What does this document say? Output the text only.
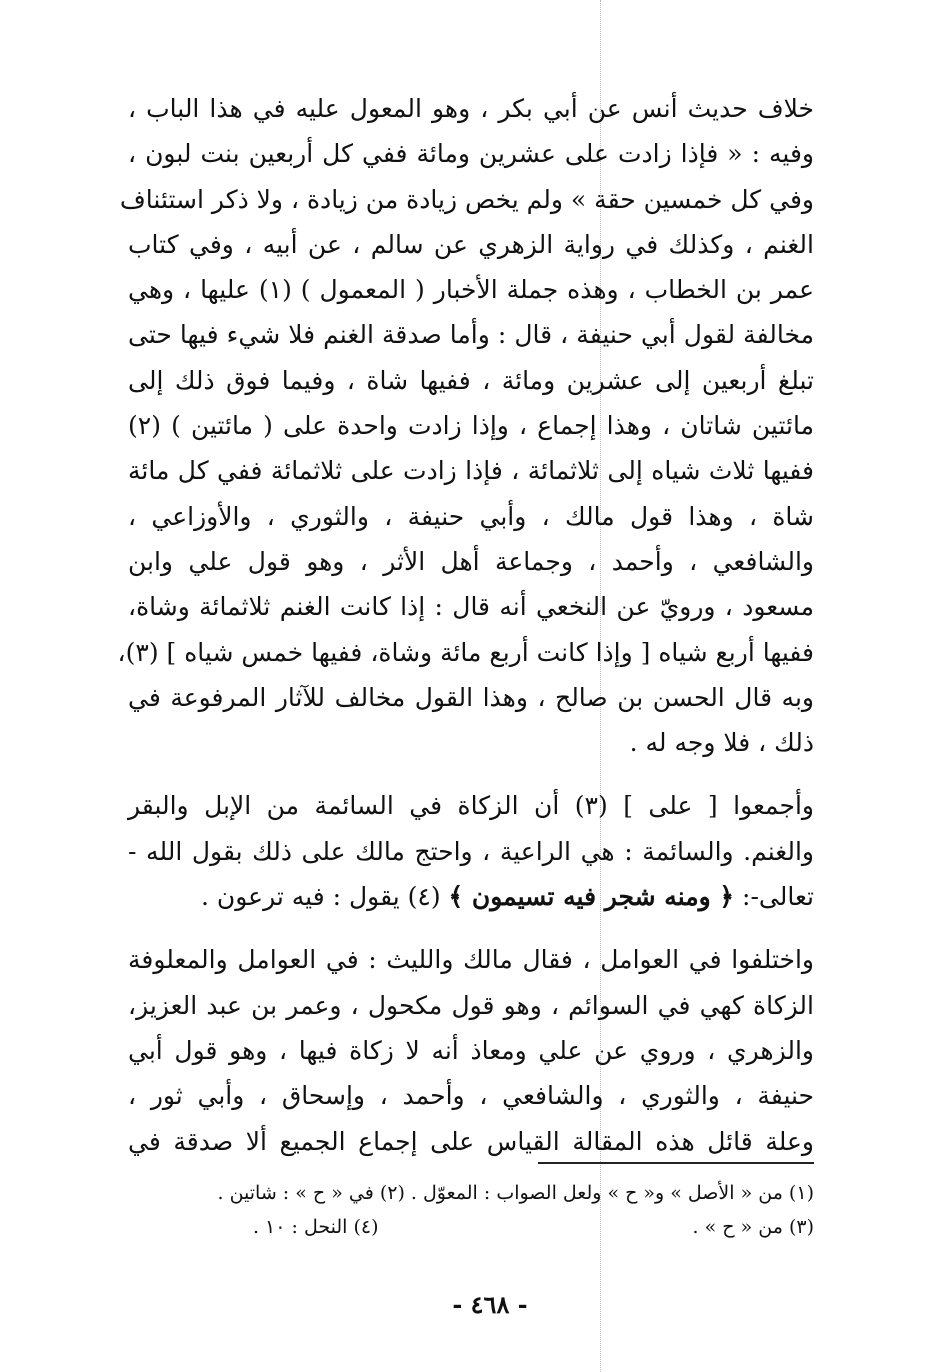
خلاف حديث أنس عن أبي بكر ، وهو المعول عليه في هذا الباب ،
وفيه : « فإذا زادت على عشرين ومائة ففي كل أربعين بنت لبون ،
وفي كل خمسين حقة » ولم يخص زيادة من زيادة ، ولا ذكر استئناف
الغنم ، وكذلك في رواية الزهري عن سالم ، عن أبيه ، وفي كتاب
عمر بن الخطاب ، وهذه جملة الأخبار ( المعمول ) (١) عليها ، وهي
مخالفة لقول أبي حنيفة ، قال : وأما صدقة الغنم فلا شيء فيها حتى
تبلغ أربعين إلى عشرين ومائة ، ففيها شاة ، وفيما فوق ذلك إلى
مائتين شاتان ، وهذا إجماع ، وإذا زادت واحدة على ( مائتين ) (٢)
ففيها ثلاث شياه إلى ثلاثمائة ، فإذا زادت على ثلاثمائة ففي كل مائة
شاة ، وهذا قول مالك ، وأبي حنيفة ، والثوري ، والأوزاعي ،
والشافعي ، وأحمد ، وجماعة أهل الأثر ، وهو قول علي وابن
مسعود ، ورويّ عن النخعي أنه قال : إذا كانت الغنم ثلاثمائة وشاة،
ففيها أربع شياه [ وإذا كانت أربع مائة وشاة، ففيها خمس شياه ] (٣)،
وبه قال الحسن بن صالح ، وهذا القول مخالف للآثار المرفوعة في
ذلك ، فلا وجه له .
وأجمعوا [ على ] (٣) أن الزكاة في السائمة من الإبل والبقر
والغنم. والسائمة : هي الراعية ، واحتج مالك على ذلك بقول الله -
تعالى-: ﴿ ومنه شجر فيه تسيمون ﴾ (٤) يقول : فيه ترعون .
واختلفوا في العوامل ، فقال مالك والليث : في العوامل والمعلوفة
الزكاة كهي في السوائم ، وهو قول مكحول ، وعمر بن عبد العزيز،
والزهري ، وروي عن علي ومعاذ أنه لا زكاة فيها ، وهو قول أبي
حنيفة ، والثوري ، والشافعي ، وأحمد ، وإسحاق ، وأبي ثور ،
وعلة قائل هذه المقالة القياس على إجماع الجميع ألا صدقة في
(١) من « الأصل » و« ح » ولعل الصواب : المعوّل . (٢) في « ح » : شاتين .
(٣) من « ح » .                                                    (٤) النحل : ١٠ .
- ٤٦٨ -
